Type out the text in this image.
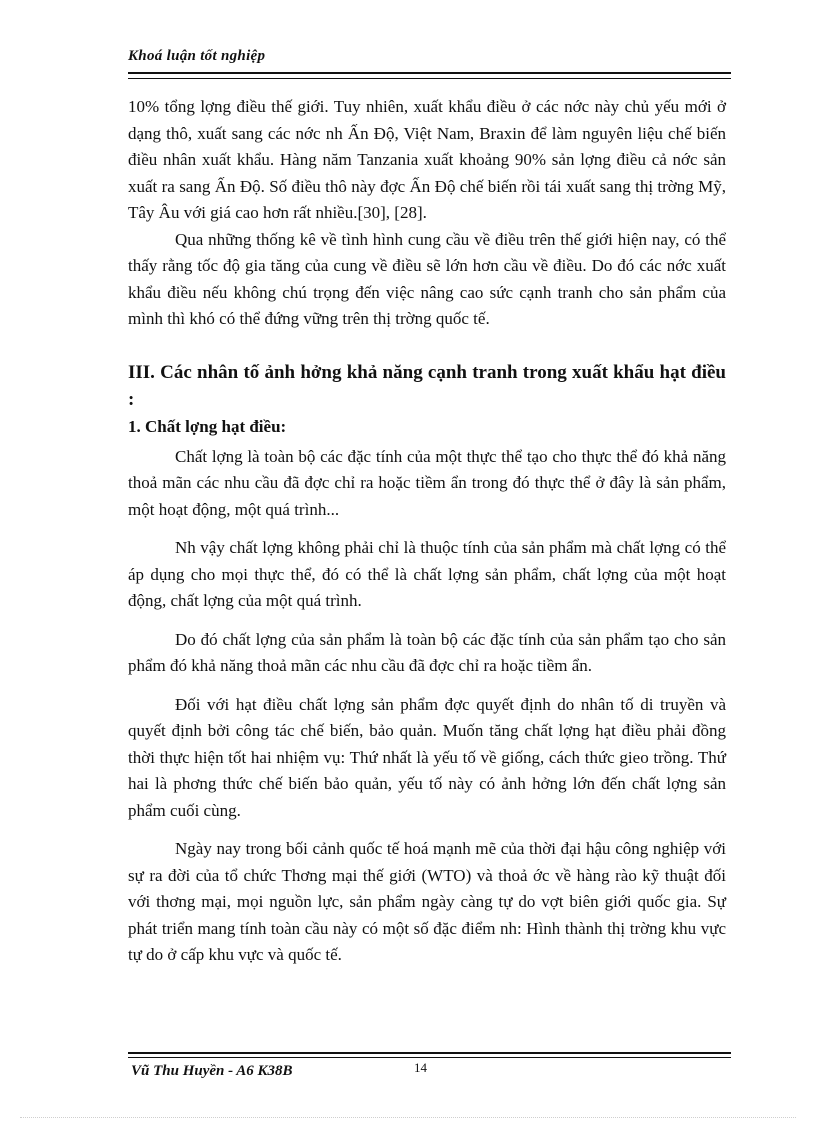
Khoá luận tốt nghiệp

10% tổng lợng điều thế giới. Tuy nhiên, xuất khẩu điều ở các nớc này chủ yếu mới ở dạng thô, xuất sang các nớc nh Ấn Độ, Việt Nam, Braxin để làm nguyên liệu chế biến điều nhân xuất khẩu. Hàng năm Tanzania xuất khoảng 90% sản lợng điều cả nớc sản xuất ra sang Ấn Độ. Số điều thô này đợc Ấn Độ chế biến rồi tái xuất sang thị trờng Mỹ, Tây Âu với giá cao hơn rất nhiều.[30], [28].

Qua những thống kê về tình hình cung cầu về điều trên thế giới hiện nay, có thể thấy rằng tốc độ gia tăng của cung về điều sẽ lớn hơn cầu về điều. Do đó các nớc xuất khẩu điều nếu không chú trọng đến việc nâng cao sức cạnh tranh cho sản phẩm của mình thì khó có thể đứng vững trên thị trờng quốc tế.

III. Các nhân tố ảnh hởng khả năng cạnh tranh trong xuất khẩu hạt điều :
1. Chất lợng hạt điều:

Chất lợng là toàn bộ các đặc tính của một thực thể tạo cho thực thể đó khả năng thoả mãn các nhu cầu đã đợc chỉ ra hoặc tiềm ẩn trong đó thực thể ở đây là sản phẩm, một hoạt động, một quá trình...

Nh vậy chất lợng không phải chỉ là thuộc tính của sản phẩm mà chất lợng có thể áp dụng cho mọi thực thể, đó có thể là chất lợng sản phẩm, chất lợng của một hoạt động, chất lợng của một quá trình.

Do đó chất lợng của sản phẩm là toàn bộ các đặc tính của sản phẩm tạo cho sản phẩm đó khả năng thoả mãn các nhu cầu đã đợc chỉ ra hoặc tiềm ẩn.

Đối với hạt điều chất lợng sản phẩm đợc quyết định do nhân tố di truyền và quyết định bởi công tác chế biến, bảo quản. Muốn tăng chất lợng hạt điều phải đồng thời thực hiện tốt hai nhiệm vụ: Thứ nhất là yếu tố về giống, cách thức gieo trồng. Thứ hai là phơng thức chế biến bảo quản, yếu tố này có ảnh hởng lớn đến chất lợng sản phẩm cuối cùng.

Ngày nay trong bối cảnh quốc tế hoá mạnh mẽ của thời đại hậu công nghiệp với sự ra đời của tổ chức Thơng mại thế giới (WTO) và thoả ớc về hàng rào kỹ thuật đối với thơng mại, mọi nguồn lực, sản phẩm ngày càng tự do vợt biên giới quốc gia. Sự phát triển mang tính toàn cầu này có một số đặc điểm nh: Hình thành thị trờng khu vực tự do ở cấp khu vực và quốc tế.

Vũ Thu Huyền - A6 K38B	14
